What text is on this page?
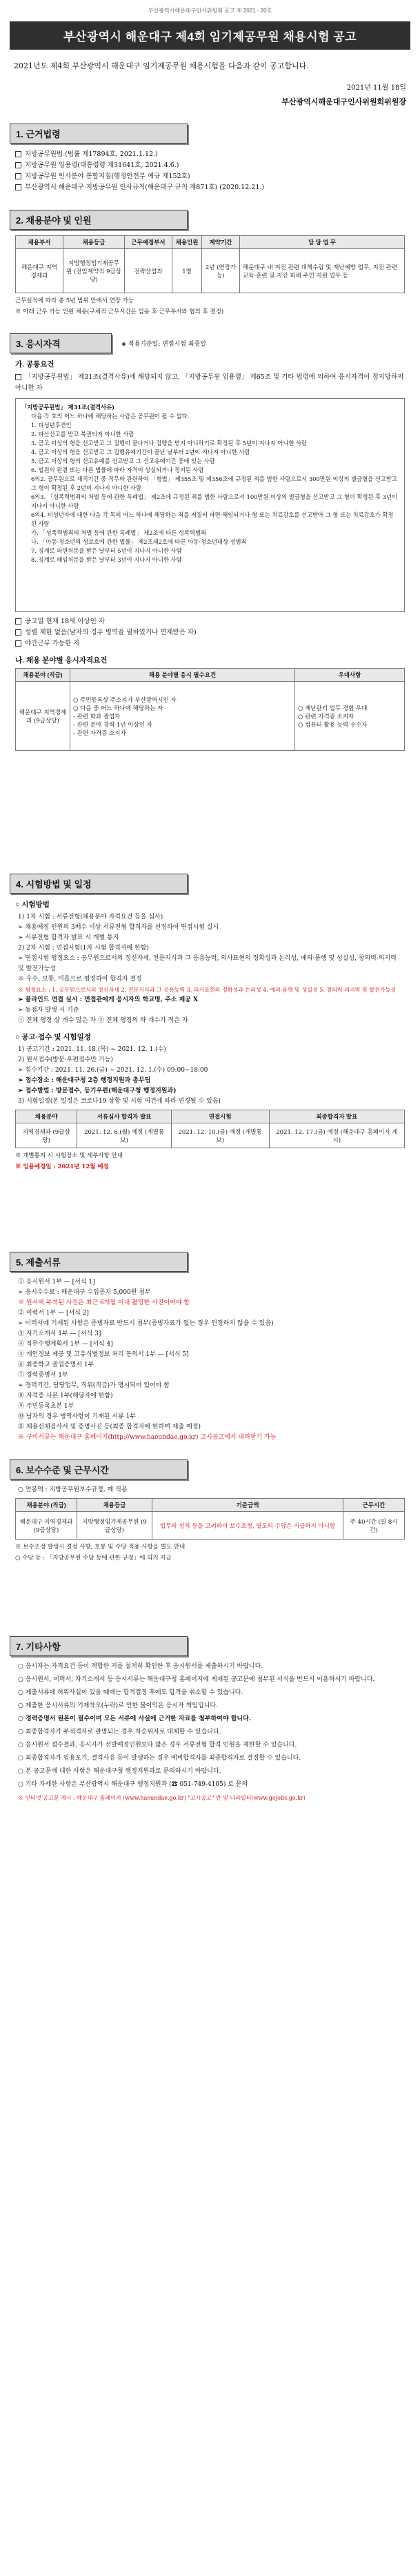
부산광역시해운대구인사위원회 공고 제 2021 - 20호
부산광역시 해운대구 제4회 임기제공무원 채용시험 공고
2021년도 제4회 부산광역시 해운대구 임기제공무원 채용시험을 다음과 같이 공고합니다.
2021년 11월 18일
부산광역시해운대구인사위원회위원장
1. 근거법령
지방공무원법 (법률 제17894호, 2021.1.12.)
지방공무원 임용령(대통령령 제31641호, 2021.4.6.)
지방공무원 인사분야 통합지침(행정안전부 예규 제152호)
부산광역시 해운대구 지방공무원 인사규칙(해운대구 규칙 제871호) (2020.12.21.)
2. 채용분야 및 인원
채용부서	채용등급	근무예정부서	채용인원	계약기간	담 당 업 무
해운대구 지역경제과	지방행정임기제공무원 (전임계약직 9급상당)	전략산업과	1명	2년 (연장가능)	해운대구 내 지진 관련 대책수립 및 재난예방 업무, 지진 관련 교육·훈련 및 지진 피해 주민 지원 업무 등
근무실적에 따라 총 5년 범위 안에서 연장 가능
※ 아래 근무 가능 인원 채용(구체적 근무시간은 임용 후 근무부서와 협의 후 결정)
3. 응시자격	◈ 적용기준일: 면접시험 최종일
가. 공통요건
「지방공무원법」 제31조(결격사유)에 해당되지 않고, 「지방공무원 임용령」 제65조 및 기타 법령에 의하여 응시자격이 정지당하지 아니한 자
「지방공무원법」 제31조(결격사유)
다음 각 호의 어느 하나에 해당하는 사람은 공무원이 될 수 없다.
1. 피성년후견인
2. 파산선고를 받고 복권되지 아니한 사람
3. 금고 이상의 형을 선고받고 그 집행이 끝나거나 집행을 받지 아니하기로 확정된 후 5년이 지나지 아니한 사람
4. 금고 이상의 형을 선고받고 그 집행유예기간이 끝난 날부터 2년이 지나지 아니한 사람
5. 금고 이상의 형의 선고유예를 선고받고 그 선고유예기간 중에 있는 사람
6. 법원의 판결 또는 다른 법률에 따라 자격이 상실되거나 정지된 사람
6의2. 공무원으로 재직기간 중 직무와 관련하여 「형법」 제355조 및 제356조에 규정된 죄를 범한 사람으로서 300만원 이상의 벌금형을 선고받고 그 형이 확정된 후 2년이 지나지 아니한 사람
6의3. 「성폭력범죄의 처벌 등에 관한 특례법」 제2조에 규정된 죄를 범한 사람으로서 100만원 이상의 벌금형을 선고받고 그 형이 확정된 후 3년이 지나지 아니한 사람
6의4. 미성년자에 대한 다음 각 목의 어느 하나에 해당하는 죄를 저질러 파면·해임되거나 형 또는 치료감호를 선고받아 그 형 또는 치료감호가 확정된 사람
가. 「성폭력범죄의 처벌 등에 관한 특례법」 제2조에 따른 성폭력범죄
나. 「아동·청소년의 성보호에 관한 법률」 제2조제2호에 따른 아동·청소년대상 성범죄
7. 징계로 파면처분을 받은 날부터 5년이 지나지 아니한 사람
8. 징계로 해임처분을 받은 날부터 3년이 지나지 아니한 사람
공고일 현재 18세 이상인 자
성별 제한 없음(남자의 경우 병역을 필하였거나 면제받은 자)
야간근무 가능한 자
나. 채용 분야별 응시자격요건
채용분야 (직급)	채용 분야별 응시 필수요건	우대사항
해운대구 지역경제과 (9급상당)	○ 주민등록상 주소지가 부산광역시인 자
○ 다음 중 어느 하나에 해당하는 자
- 관련 학과 졸업자
- 관련 분야 경력 1년 이상인 자
- 관련 자격증 소지자	○ 재난관리 업무 경험 우대
○ 관련 자격증 소지자
○ 컴퓨터 활용 능력 우수자
4. 시험방법 및 일정
○ 시험방법
1) 1차 시험 : 서류전형(채용분야 자격요건 등을 심사)
➢ 채용예정 인원의 3배수 이상 서류전형 합격자를 선정하여 면접시험 실시
➢ 서류전형 합격자 발표 시 개별 통지
2) 2차 시험 : 면접시험(1차 시험 합격자에 한함)
➢ 면접시험 평정요소 : 공무원으로서의 정신자세, 전문지식과 그 응용능력, 의사표현의 정확성과 논리성, 예의·품행 및 성실성, 창의력·의지력 및 발전가능성
※ 우수, 보통, 미흡으로 평정하여 합격자 결정
※ 평정요소 : 1. 공무원으로서의 정신자세 2. 전문지식과 그 응용능력 3. 의사표현의 정확성과 논리성 4. 예의·품행 및 성실성 5. 창의력·의지력 및 발전가능성
➢ 블라인드 면접 실시 : 면접관에게 응시자의 학교명, 주소 제공 X
➢ 동점자 발생 시 기준
① 전체 평정 상 개수 많은 자 ② 전체 평정의 하 개수가 적은 자
○ 공고·접수 및 시험일정
1) 공고기간 : 2021. 11. 18.(목) ~ 2021. 12. 1.(수)
2) 원서접수(방문·우편접수만 가능)
➢ 접수기간 : 2021. 11. 26.(금) ~ 2021. 12. 1.(수) 09:00~18:00
➢ 접수장소 : 해운대구청 2층 행정지원과 총무팀
➢ 접수방법 : 방문접수, 등기우편(해운대구청 행정지원과)
3) 시험일정(본 일정은 코로나19 상황 및 시험 여건에 따라 변경될 수 있음)
채용분야	서류심사 합격자 발표	면접시험	최종합격자 발표
지역경제과 (9급상당)	2021. 12. 6.(월) 예정 (개별통보)	2021. 12. 10.(금) 예정 (개별통보)	2021. 12. 17.(금) 예정 (해운대구 홈페이지 게시)
※ 개별통지 시 시험장소 및 세부사항 안내
※ 임용예정일 : 2021년 12월 예정
5. 제출서류
① 응시원서 1부 — [서식 1]
➢ 응시수수료 : 해운대구 수입증지 5,000원 첨부
※ 원서에 부착된 사진은 최근 6개월 이내 촬영한 사진이어야 함
② 이력서 1부 — [서식 2]
➢ 이력서에 기재된 사항은 증빙자료 반드시 첨부(증빙자료가 없는 경우 인정하지 않을 수 있음)
③ 자기소개서 1부 — [서식 3]
④ 직무수행계획서 1부 — [서식 4]
⑤ 개인정보 제공 및 고유식별정보 처리 동의서 1부 — [서식 5]
⑥ 최종학교 졸업증명서 1부
⑦ 경력증명서 1부
➢ 경력기간, 담당업무, 직위(직급)가 명시되어 있어야 함
⑧ 자격증 사본 1부(해당자에 한함)
⑨ 주민등록초본 1부
⑩ 남자의 경우 병역사항이 기재된 서류 1부
⑪ 채용신체검사서 및 증명사진 등(최종 합격자에 한하여 제출 예정)
※ 구비서류는 해운대구 홈페이지(http://www.haeundae.go.kr) 고시공고에서 내려받기 가능
6. 보수수준 및 근무시간
○ 연봉액 : 지방공무원보수규정, 예 적용
채용분야 (직급)	채용등급	기준금액	근무시간
해운대구 지역경제과 (9급상당)	지방행정임기제공무원 (9급상당)	업무의 성격 등을 고려하여 보수조정, 별도의 수당은 지급하지 아니함	주 40시간 (일 8시간)
※ 보수조정 발생시 결정 사항, 호봉 및 수당 적용 사항을 별도 안내
○ 수당 등 : 「지방공무원 수당 등에 관한 규정」에 의거 지급
7. 기타사항
○ 응시자는 자격요건 등이 적합한 지를 철저히 확인한 후 응시원서를 제출하시기 바랍니다.
○ 응시원서, 이력서, 자기소개서 등 응시서류는 해운대구청 홈페이지에 게재된 공고문에 첨부된 서식을 반드시 이용하시기 바랍니다.
○ 제출서류에 허위사실이 있을 때에는 합격결정 후에도 합격을 취소할 수 있습니다.
○ 제출한 응시서류의 기재착오(누락)로 인한 불이익은 응시자 책임입니다.
○ 경력증명서 원본이 필수이며 모든 서류에 사실에 근거한 자료를 첨부하여야 합니다.
○ 최종합격자가 부적격자로 판명되는 경우 차순위자로 대체할 수 있습니다.
○ 응시원서 접수결과, 응시자가 선발예정인원보다 많은 경우 서류전형 합격 인원을 제한할 수 있습니다.
○ 최종합격자가 임용포기, 결격사유 등이 발생하는 경우 예비합격자를 최종합격자로 결정할 수 있습니다.
○ 본 공고문에 대한 사항은 해운대구청 행정지원과로 문의하시기 바랍니다.
○ 기타 자세한 사항은 부산광역시 해운대구 행정지원과 (☎ 051-749-4105) 로 문의
※ 인터넷 공고문 게시 : 해운대구 홈페이지 (www.haeundae.go.kr) "고시공고" 란 및 나라일터(www.gojobs.go.kr)
